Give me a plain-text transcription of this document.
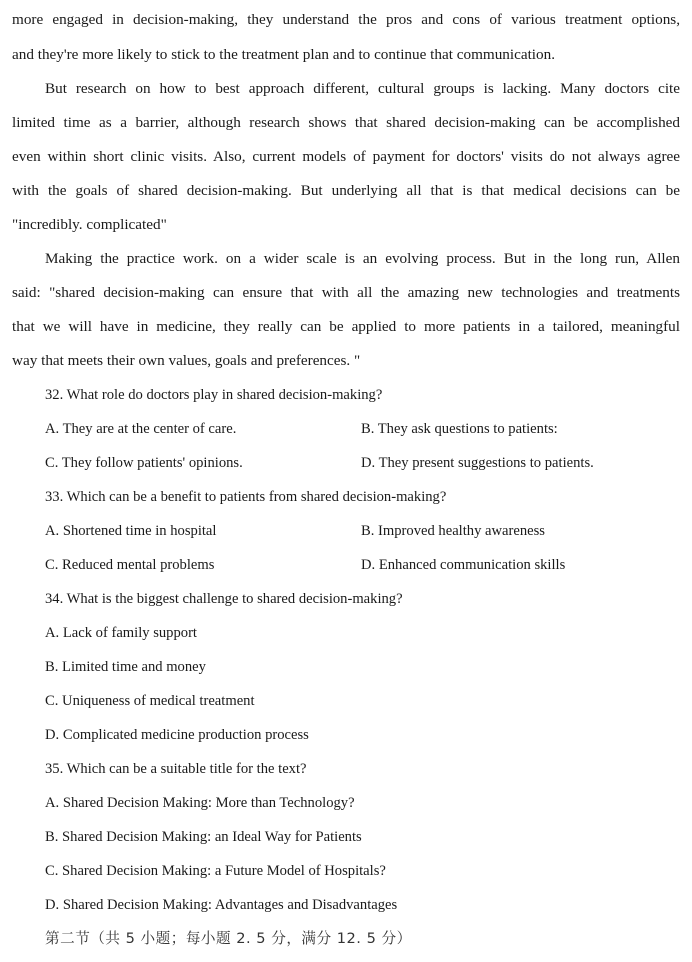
more engaged in decision-making, they understand the pros and cons of various treatment options,
and they're more likely to stick to the treatment plan and to continue that communication.
But research on how to best approach different, cultural groups is lacking. Many doctors cite
limited time as a barrier, although research shows that shared decision-making can be accomplished
even within short clinic visits. Also, current models of payment for doctors' visits do not always agree
with the goals of shared decision-making. But underlying all that is that medical decisions can be
"incredibly. complicated"
Making the practice work. on a wider scale is an evolving process. But in the long run, Allen
said: "shared decision-making can ensure that with all the amazing new technologies and treatments
that we will have in medicine, they really can be applied to more patients in a tailored, meaningful
way that meets their own values, goals and preferences. "
32. What role do doctors play in shared decision-making?
A. They are at the center of care.	B. They ask questions to patients:
C. They follow patients' opinions.	D. They present suggestions to patients.
33. Which can be a benefit to patients from shared decision-making?
A. Shortened time in hospital	B. Improved healthy awareness
C. Reduced mental problems	D. Enhanced communication skills
34. What is the biggest challenge to shared decision-making?
A. Lack of family support
B. Limited time and money
C. Uniqueness of medical treatment
D. Complicated medicine production process
35. Which can be a suitable title for the text?
A. Shared Decision Making: More than Technology?
B. Shared Decision Making: an Ideal Way for Patients
C. Shared Decision Making: a Future Model of Hospitals?
D. Shared Decision Making: Advantages and Disadvantages
第二节（共 5 小题；每小题 2. 5 分，满分 12. 5 分）
